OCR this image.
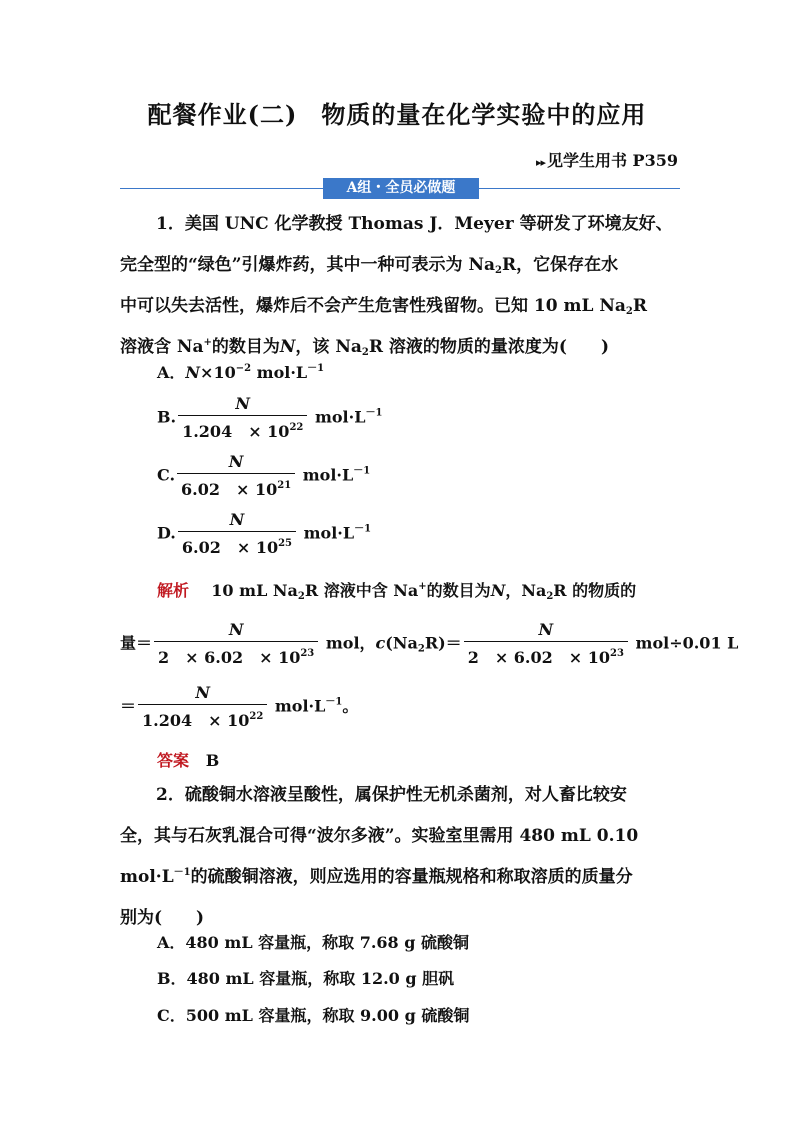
配餐作业(二) 物质的量在化学实验中的应用
▸▸ 见学生用书 P359
A组・全员必做题
1．美国 UNC 化学教授 Thomas J．Meyer 等研发了环境友好、
完全型的“绿色”引爆炸药，其中一种可表示为 $Na_2R$，它保存在水
中可以失去活性，爆炸后不会产生危害性残留物。已知 10 mL $Na_2R$
溶液含 Na+的数目为N，该 $Na_2R$ 溶液的物质的量浓度为(　　)
A．$N\times 10^{-2}$ $mol\cdot L^{-1}$
B. $\frac{N}{1.204 \times 10^{22}} mol\cdot L^{-1}$
C. $\frac{N}{6.02 \times 10^{21}} mol\cdot L^{-1}$
D. $\frac{N}{6.02 \times 10^{25}} mol\cdot L^{-1}$
解析 10 mL $Na_2R$ 溶液中含 Na+的数目为N，$Na_2R$ 的物质的
量＝ $\frac{N}{2 \times 6.02 \times 10^{23}}$ mol，$c(Na_2R)= \frac{N}{2 \times 6.02 \times 10^{23}} mol\div 0.01$ L
＝ $\frac{N}{1.204 \times 10^{22}} mol\cdot L^{-1}$。
答案 B
2．硫酸铜水溶液呈酸性，属保护性无机杀菌剂，对人畜比较安
全，其与石灰乳混合可得“波尔多液”。实验室里需用 480 mL 0.10
$mol\cdot L^{-1}$的硫酸铜溶液，则应选用的容量瓶规格和称取溶质的质量分
别为(　　)
A．480 mL 容量瓶，称取 7.68 g 硫酸铜
B．480 mL 容量瓶，称取 12.0 g 胆矾
C．500 mL 容量瓶，称取 9.00 g 硫酸铜
